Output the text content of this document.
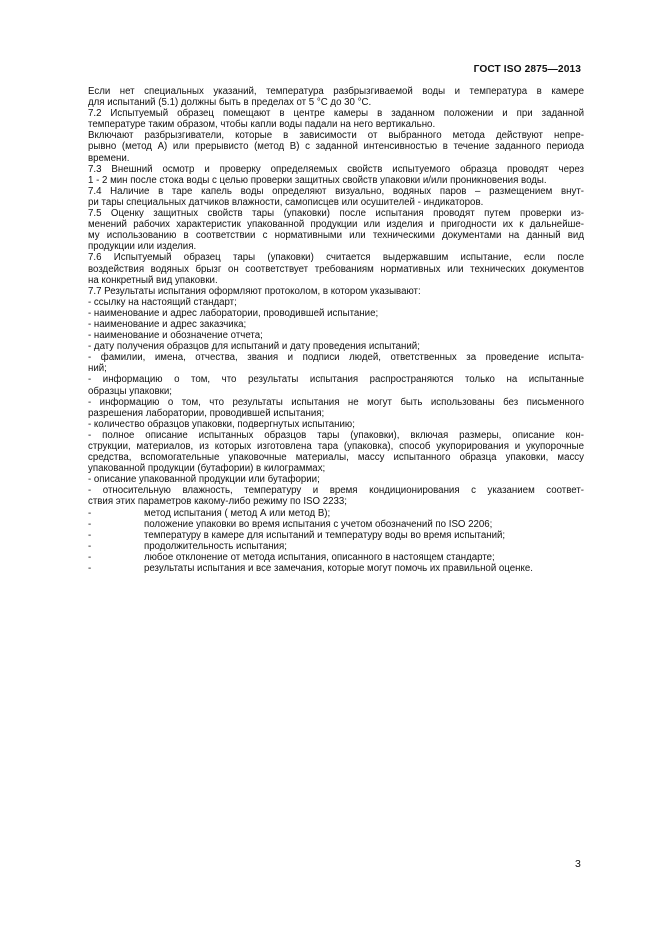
ГОСТ ISO 2875—2013

Если нет специальных указаний, температура разбрызгиваемой воды и температура в камере
для испытаний (5.1) должны быть в пределах от 5 °С до 30 °С.

7.2 Испытуемый образец помещают в центре камеры в заданном положении и при заданной
температуре таким образом, чтобы капли воды падали на него вертикально.

Включают разбрызгиватели, которые в зависимости от выбранного метода действуют непре-
рывно (метод А) или прерывисто (метод В) с заданной интенсивностью в течение заданного периода
времени.

7.3 Внешний осмотр и проверку определяемых свойств испытуемого образца проводят через
1 - 2 мин после стока воды с целью проверки защитных свойств упаковки и/или проникновения воды.

7.4 Наличие в таре капель воды определяют визуально, водяных паров – размещением внут-
ри тары специальных датчиков влажности, самописцев или осушителей - индикаторов.

7.5 Оценку защитных свойств тары (упаковки) после испытания проводят путем проверки из-
менений рабочих характеристик упакованной продукции или изделия и пригодности их к дальнейше-
му использованию в соответствии с нормативными или техническими документами на данный вид
продукции или изделия.

7.6 Испытуемый образец тары (упаковки) считается выдержавшим испытание, если после
воздействия водяных брызг он соответствует требованиям нормативных или технических документов
на конкретный вид упаковки.

7.7 Результаты испытания оформляют протоколом, в котором указывают:

- ссылку на настоящий стандарт;

- наименование и адрес лаборатории, проводившей испытание;

- наименование и адрес заказчика;

- наименование и обозначение отчета;

- дату получения образцов для испытаний и дату проведения испытаний;

- фамилии, имена, отчества, звания и подписи людей, ответственных за проведение испыта-
ний;

- информацию о том, что результаты испытания распространяются только на испытанные
образцы упаковки;

- информацию о том, что результаты испытания не могут быть использованы без письменного
разрешения лаборатории, проводившей испытания;

- количество образцов упаковки, подвергнутых испытанию;

- полное описание испытанных образцов тары (упаковки), включая размеры, описание кон-
струкции, материалов, из которых изготовлена тара (упаковка), способ укупорирования и укупорочные
средства, вспомогательные упаковочные материалы, массу испытанного образца упаковки, массу
упакованной продукции (бутафории) в килограммах;

- описание упакованной продукции или бутафории;

- относительную влажность, температуру и время кондиционирования с указанием соответ-
ствия этих параметров какому-либо режиму по ISO 2233;

-	метод испытания ( метод А или метод В);
-	положение упаковки во время испытания с учетом обозначений по ISO 2206;
-	температуру в камере для испытаний и температуру воды во время испытаний;
-	продолжительность испытания;
-	любое отклонение от метода испытания, описанного в настоящем стандарте;
-	результаты испытания и все замечания, которые могут помочь их правильной оценке.
3
